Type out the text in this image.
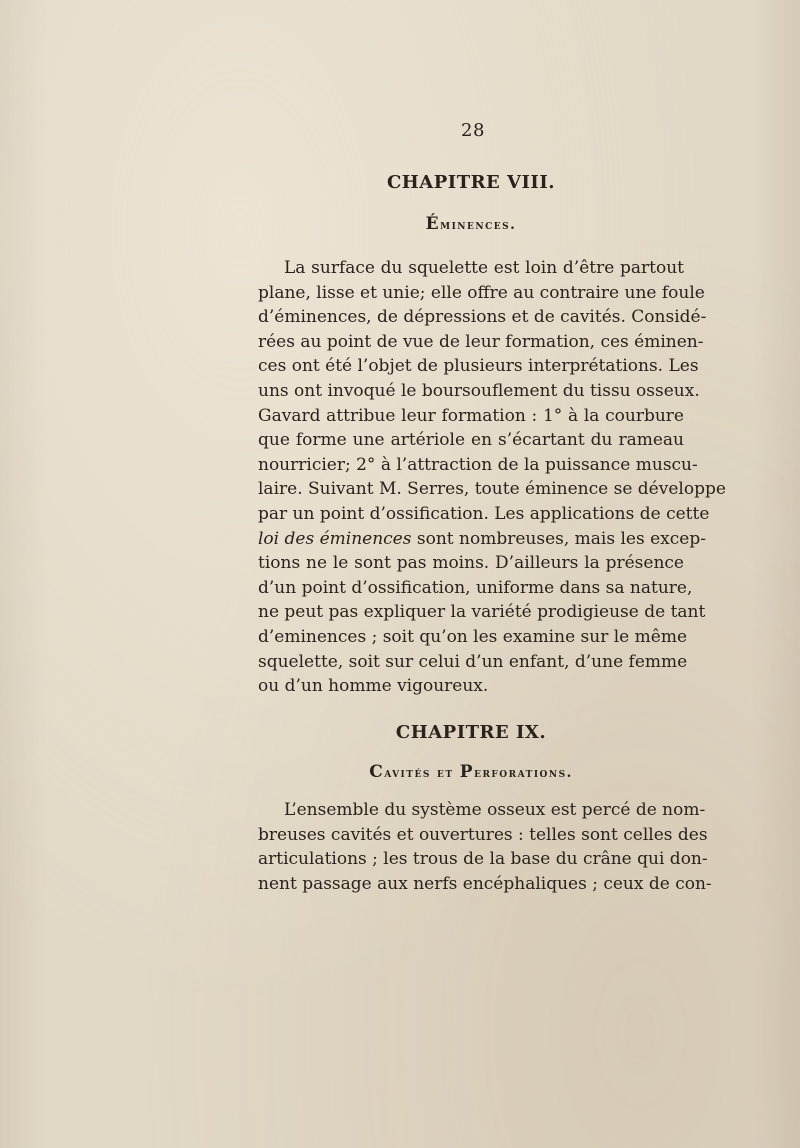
28
CHAPITRE VIII.
Éminences.
La surface du squelette est loin d’être partout
plane, lisse et unie; elle offre au contraire une foule
d’éminences, de dépressions et de cavités. Considé-
rées au point de vue de leur formation, ces éminen-
ces ont été l’objet de plusieurs interprétations. Les
uns ont invoqué le boursouflement du tissu osseux.
Gavard attribue leur formation : 1° à la courbure
que forme une artériole en s’écartant du rameau
nourricier; 2° à l’attraction de la puissance muscu-
laire. Suivant M. Serres, toute éminence se développe
par un point d’ossification. Les applications de cette
loi des éminences sont nombreuses, mais les excep-
tions ne le sont pas moins. D’ailleurs la présence
d’un point d’ossification, uniforme dans sa nature,
ne peut pas expliquer la variété prodigieuse de tant
d’eminences ; soit qu’on les examine sur le même
squelette, soit sur celui d’un enfant, d’une femme
ou d’un homme vigoureux.
CHAPITRE IX.
Cavités et Perforations.
L’ensemble du système osseux est percé de nom-
breuses cavités et ouvertures : telles sont celles des
articulations ; les trous de la base du crâne qui don-
nent passage aux nerfs encéphaliques ; ceux de con-
